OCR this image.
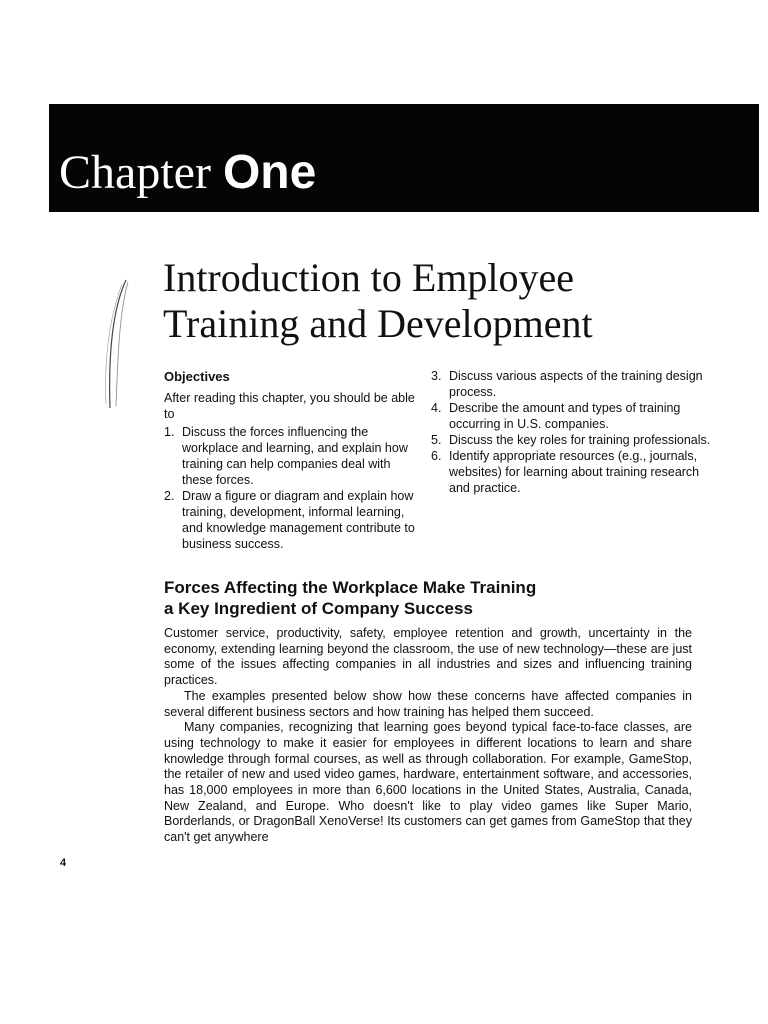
Chapter One
Introduction to Employee
Training and Development

Objectives

After reading this chapter, you should be able to

1. Discuss the forces influencing the workplace and learning, and explain how training can help companies deal with these forces.
2. Draw a figure or diagram and explain how training, development, informal learning, and knowledge management contribute to business success.
3. Discuss various aspects of the training design process.
4. Describe the amount and types of training occurring in U.S. companies.
5. Discuss the key roles for training professionals.
6. Identify appropriate resources (e.g., journals, websites) for learning about training research and practice.
Forces Affecting the Workplace Make Training
a Key Ingredient of Company Success

Customer service, productivity, safety, employee retention and growth, uncertainty in the economy, extending learning beyond the classroom, the use of new technology—these are just some of the issues affecting companies in all industries and sizes and influencing training practices.

The examples presented below show how these concerns have affected companies in several different business sectors and how training has helped them succeed.

Many companies, recognizing that learning goes beyond typical face-to-face classes, are using technology to make it easier for employees in different locations to learn and share knowledge through formal courses, as well as through collaboration. For example, GameStop, the retailer of new and used video games, hardware, entertainment software, and accessories, has 18,000 employees in more than 6,600 locations in the United States, Australia, Canada, New Zealand, and Europe. Who doesn't like to play video games like Super Mario, Borderlands, or DragonBall XenoVerse! Its customers can get games from GameStop that they can't get anywhere

4
